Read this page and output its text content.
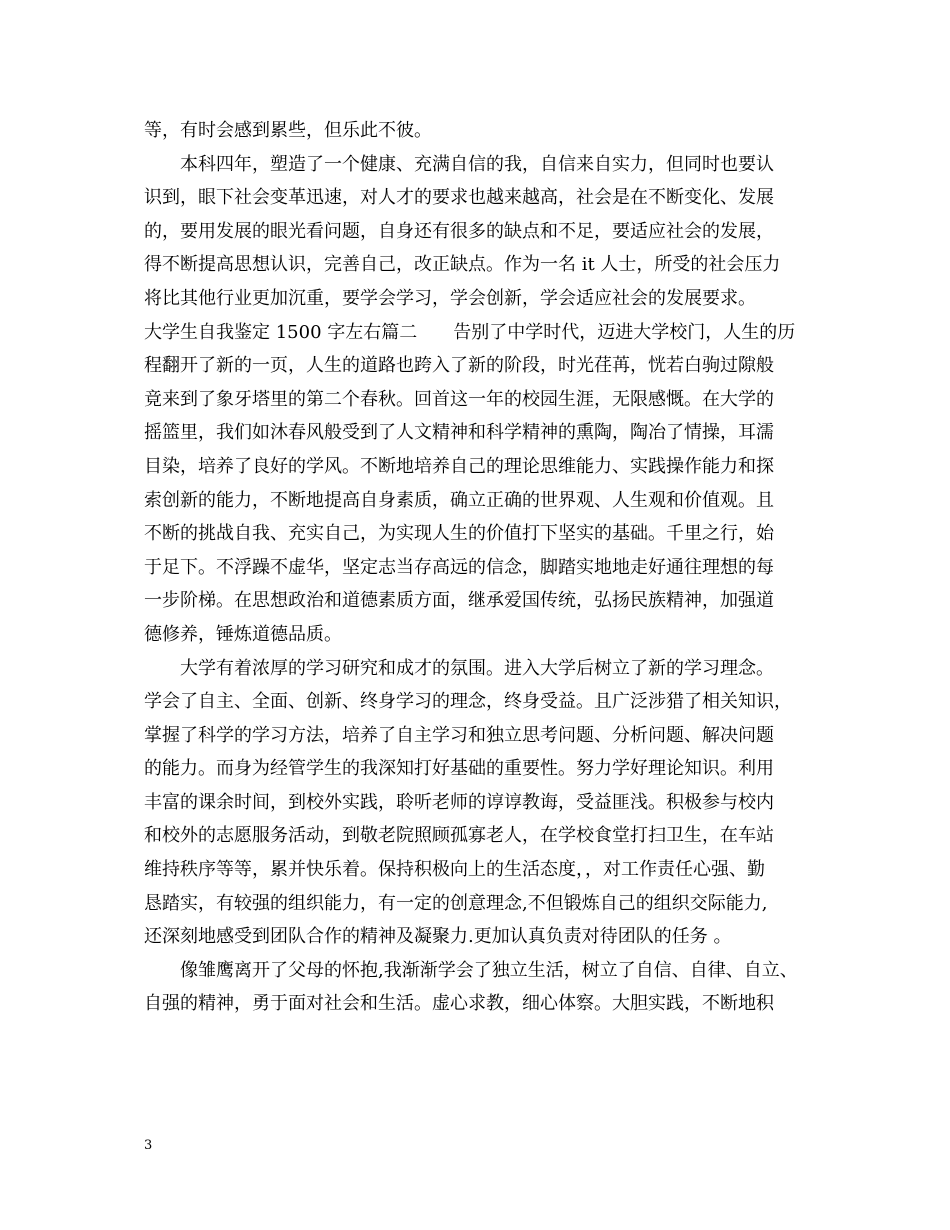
等，有时会感到累些，但乐此不彼。
本科四年，塑造了一个健康、充满自信的我，自信来自实力，但同时也要认
识到，眼下社会变革迅速，对人才的要求也越来越高，社会是在不断变化、发展
的，要用发展的眼光看问题，自身还有很多的缺点和不足，要适应社会的发展，
得不断提高思想认识，完善自己，改正缺点。作为一名 it 人士，所受的社会压力
将比其他行业更加沉重，要学会学习，学会创新，学会适应社会的发展要求。
大学生自我鉴定 1500 字左右篇二　　告别了中学时代，迈进大学校门，人生的历
程翻开了新的一页，人生的道路也跨入了新的阶段，时光荏苒，恍若白驹过隙般
竟来到了象牙塔里的第二个春秋。回首这一年的校园生涯，无限感慨。在大学的
摇篮里，我们如沐春风般受到了人文精神和科学精神的熏陶，陶冶了情操，耳濡
目染，培养了良好的学风。不断地培养自己的理论思维能力、实践操作能力和探
索创新的能力，不断地提高自身素质，确立正确的世界观、人生观和价值观。且
不断的挑战自我、充实自己，为实现人生的价值打下坚实的基础。千里之行，始
于足下。不浮躁不虚华，坚定志当存高远的信念，脚踏实地地走好通往理想的每
一步阶梯。在思想政治和道德素质方面，继承爱国传统，弘扬民族精神，加强道
德修养，锤炼道德品质。
大学有着浓厚的学习研究和成才的氛围。进入大学后树立了新的学习理念。
学会了自主、全面、创新、终身学习的理念，终身受益。且广泛涉猎了相关知识，
掌握了科学的学习方法，培养了自主学习和独立思考问题、分析问题、解决问题
的能力。而身为经管学生的我深知打好基础的重要性。努力学好理论知识。利用
丰富的课余时间，到校外实践，聆听老师的谆谆教诲，受益匪浅。积极参与校内
和校外的志愿服务活动，到敬老院照顾孤寡老人，在学校食堂打扫卫生，在车站
维持秩序等等，累并快乐着。保持积极向上的生活态度，，对工作责任心强、勤
恳踏实，有较强的组织能力，有一定的创意理念,不但锻炼自己的组织交际能力,
还深刻地感受到团队合作的精神及凝聚力.更加认真负责对待团队的任务 。
像雏鹰离开了父母的怀抱,我渐渐学会了独立生活，树立了自信、自律、自立、
自强的精神，勇于面对社会和生活。虚心求教，细心体察。大胆实践，不断地积
3
